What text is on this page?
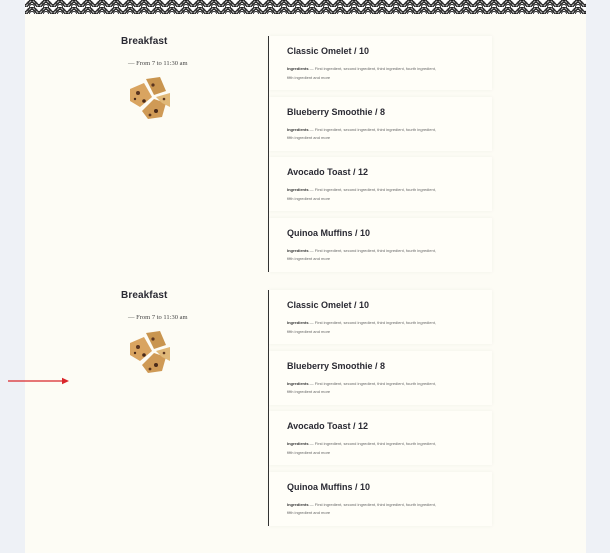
Breakfast
— From 7 to 11:30 am
Classic Omelet / 10
Ingredients — First ingredient, second ingredient, third ingredient, fourth ingredient, fifth ingredient and more
Blueberry Smoothie / 8
Ingredients — First ingredient, second ingredient, third ingredient, fourth ingredient, fifth ingredient and more
Avocado Toast / 12
Ingredients — First ingredient, second ingredient, third ingredient, fourth ingredient, fifth ingredient and more
Quinoa Muffins / 10
Ingredients — First ingredient, second ingredient, third ingredient, fourth ingredient, fifth ingredient and more
Breakfast
— From 7 to 11:30 am
Classic Omelet / 10
Ingredients — First ingredient, second ingredient, third ingredient, fourth ingredient, fifth ingredient and more
Blueberry Smoothie / 8
Ingredients — First ingredient, second ingredient, third ingredient, fourth ingredient, fifth ingredient and more
Avocado Toast / 12
Ingredients — First ingredient, second ingredient, third ingredient, fourth ingredient, fifth ingredient and more
Quinoa Muffins / 10
Ingredients — First ingredient, second ingredient, third ingredient, fourth ingredient, fifth ingredient and more
